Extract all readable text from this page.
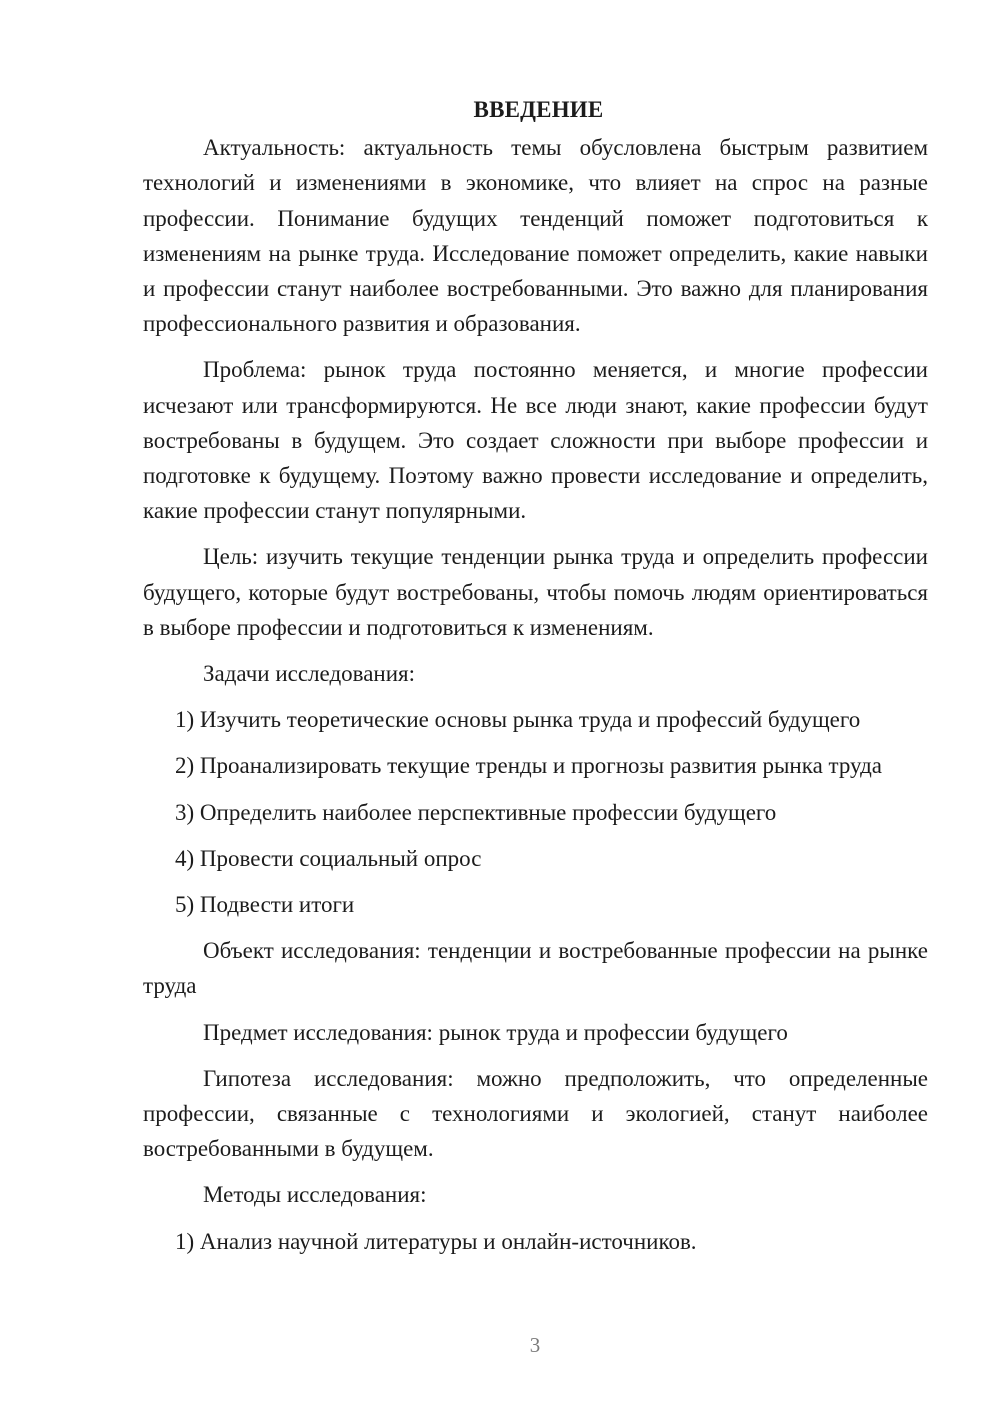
ВВЕДЕНИЕ

Актуальность: актуальность темы обусловлена быстрым развитием технологий и изменениями в экономике, что влияет на спрос на разные профессии. Понимание будущих тенденций поможет подготовиться к изменениям на рынке труда. Исследование поможет определить, какие навыки и профессии станут наиболее востребованными. Это важно для планирования профессионального развития и образования.

Проблема: рынок труда постоянно меняется, и многие профессии исчезают или трансформируются. Не все люди знают, какие профессии будут востребованы в будущем. Это создает сложности при выборе профессии и подготовке к будущему. Поэтому важно провести исследование и определить, какие профессии станут популярными.

Цель: изучить текущие тенденции рынка труда и определить профессии будущего, которые будут востребованы, чтобы помочь людям ориентироваться в выборе профессии и подготовиться к изменениям.

Задачи исследования:

1) Изучить теоретические основы рынка труда и профессий будущего

2) Проанализировать текущие тренды и прогнозы развития рынка труда

3) Определить наиболее перспективные профессии будущего

4) Провести социальный опрос

5) Подвести итоги

Объект исследования: тенденции и востребованные профессии на рынке труда

Предмет исследования: рынок труда и профессии будущего

Гипотеза исследования: можно предположить, что определенные профессии, связанные с технологиями и экологией, станут наиболее востребованными в будущем.

Методы исследования:

1) Анализ научной литературы и онлайн-источников.

3
